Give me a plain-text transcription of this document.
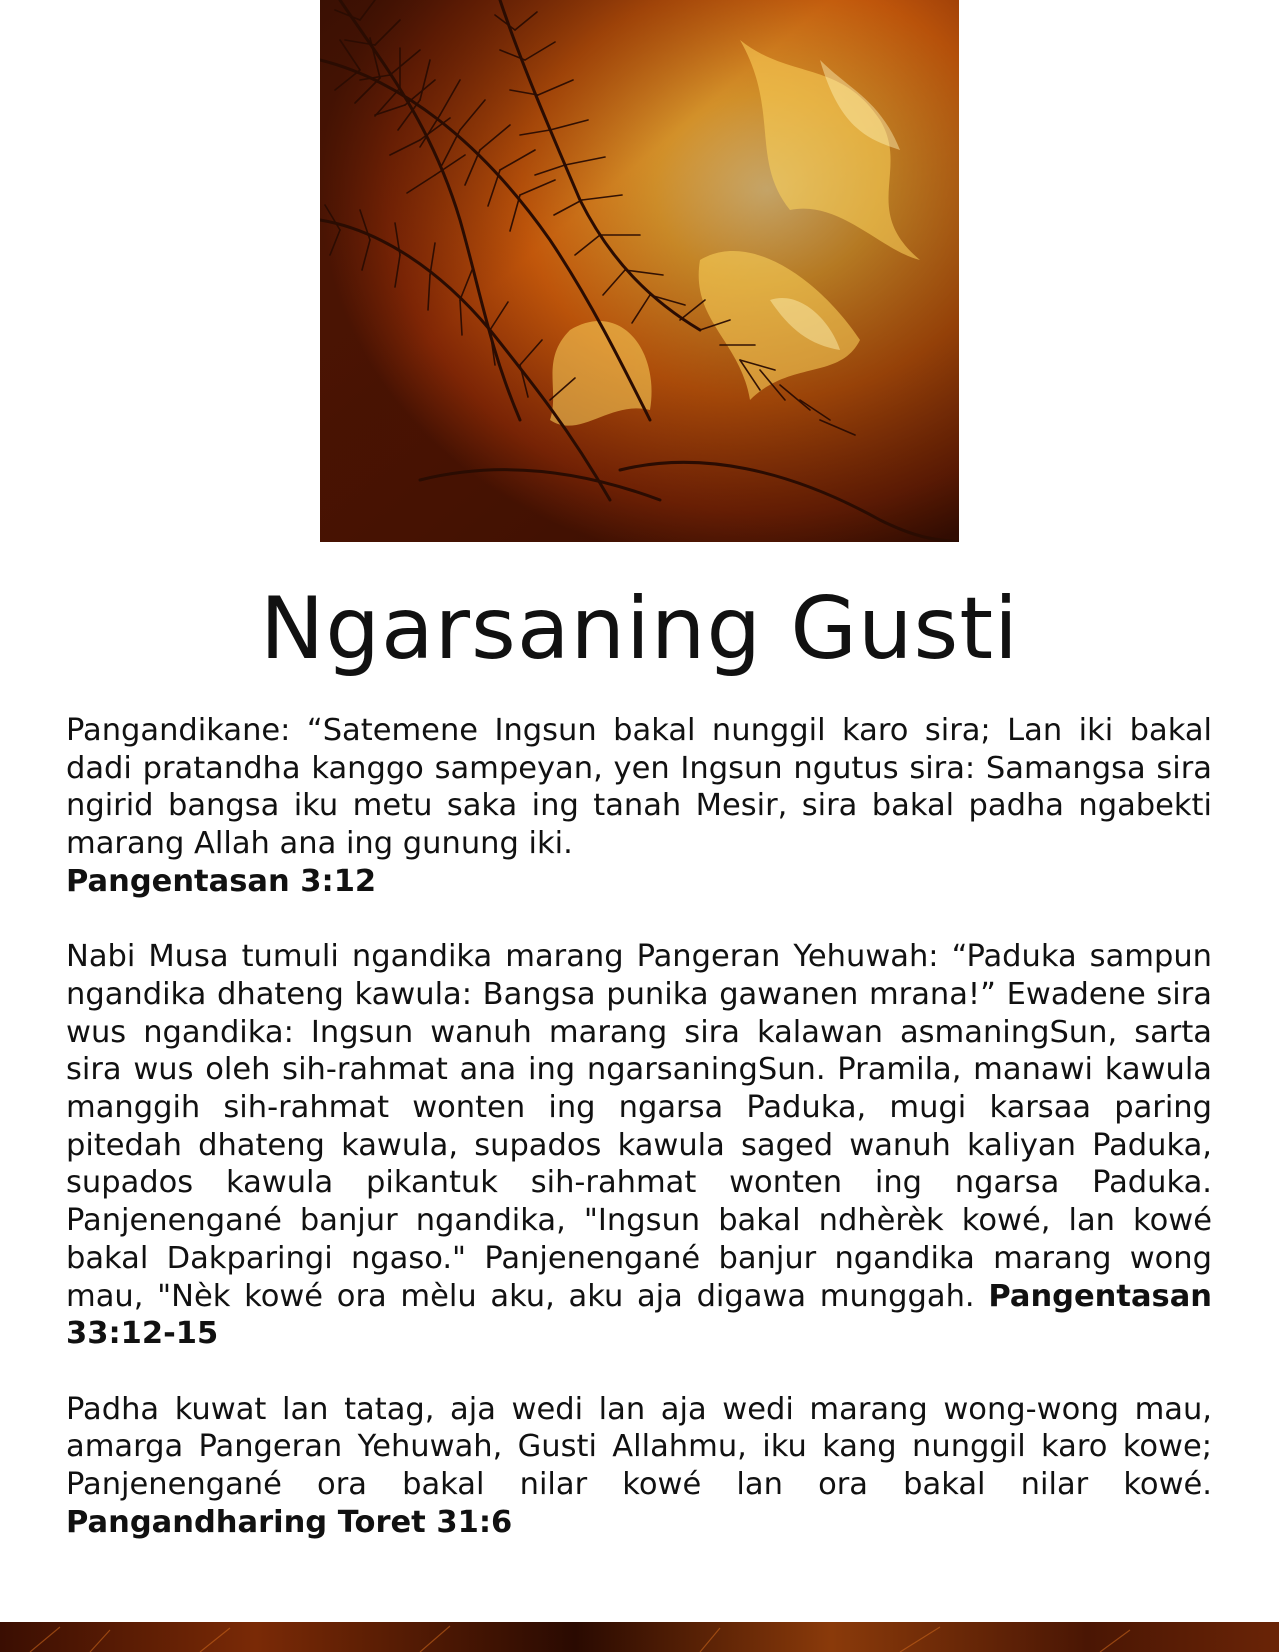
Ngarsaning Gusti

Pangandikane: “Satemene Ingsun bakal nunggil karo sira; Lan iki bakal dadi pratandha kanggo sampeyan, yen Ingsun ngutus sira: Samangsa sira ngirid bangsa iku metu saka ing tanah Mesir, sira bakal padha ngabekti marang Allah ana ing gunung iki.
Pangentasan 3:12

Nabi Musa tumuli ngandika marang Pangeran Yehuwah: “Paduka sampun ngandika dhateng kawula: Bangsa punika gawanen mrana!” Ewadene sira wus ngandika: Ingsun wanuh marang sira kalawan asmaningSun, sarta sira wus oleh sih-rahmat ana ing ngarsaningSun. Pramila, manawi kawula manggih sih-rahmat wonten ing ngarsa Paduka, mugi karsaa paring pitedah dhateng kawula, supados kawula saged wanuh kaliyan Paduka, supados kawula pikantuk sih-rahmat wonten ing ngarsa Paduka. Panjenengané banjur ngandika, "Ingsun bakal ndhèrèk kowé, lan kowé bakal Dakparingi ngaso." Panjenengané banjur ngandika marang wong mau, "Nèk kowé ora mèlu aku, aku aja digawa munggah. Pangentasan 33:12-15

Padha kuwat lan tatag, aja wedi lan aja wedi marang wong-wong mau, amarga Pangeran Yehuwah, Gusti Allahmu, iku kang nunggil karo kowe; Panjenengané ora bakal nilar kowé lan ora bakal nilar kowé. Pangandharing Toret 31:6
